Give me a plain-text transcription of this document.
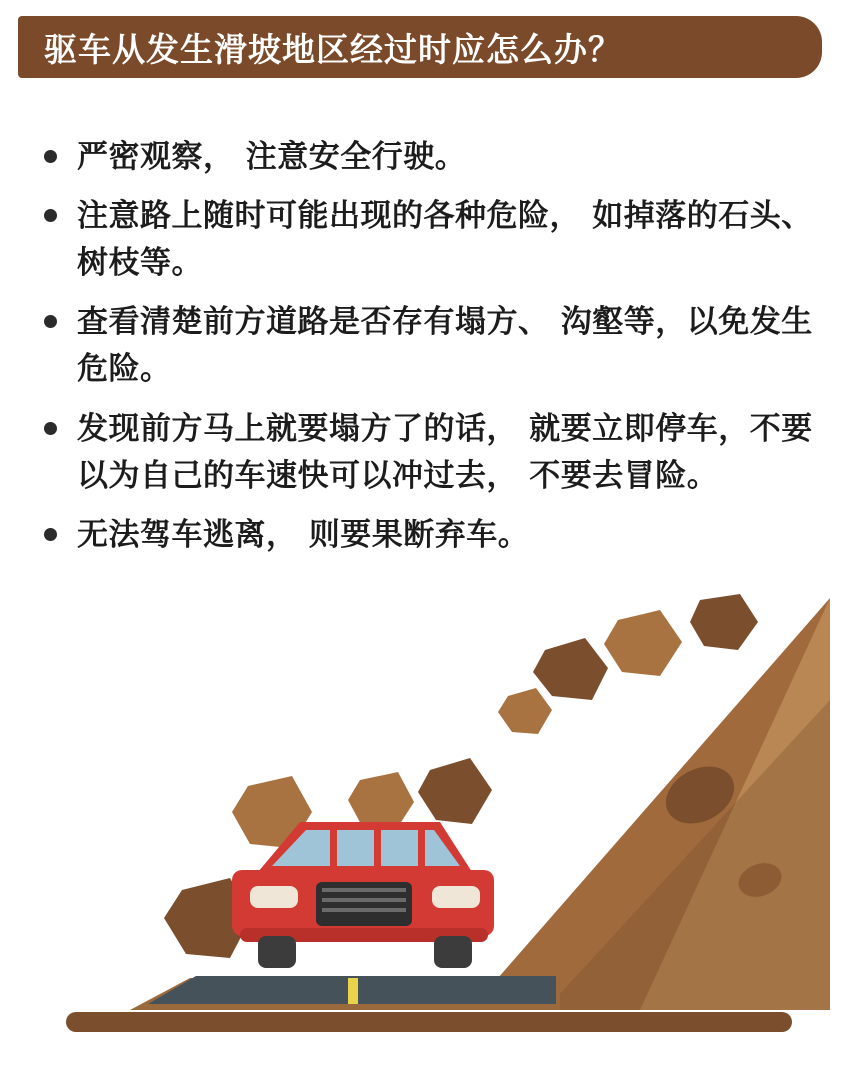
驱车从发生滑坡地区经过时应怎么办？
严密观察， 注意安全行驶。
注意路上随时可能出现的各种危险， 如掉落的石头、 树枝等。
查看清楚前方道路是否存有塌方、 沟壑等，以免发生危险。
发现前方马上就要塌方了的话， 就要立即停车，不要以为自己的车速快可以冲过去， 不要去冒险。
无法驾车逃离， 则要果断弃车。
